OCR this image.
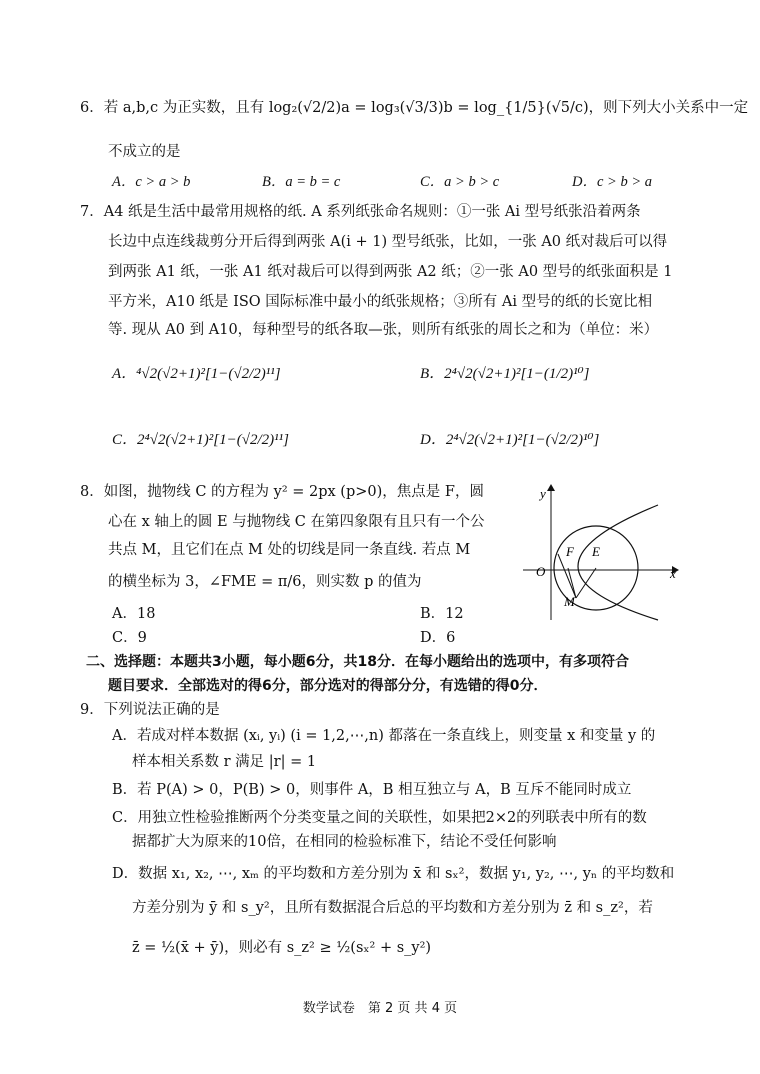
6．若 a,b,c 为正实数，且有 log₂(√2/2)a = log₃(√3/3)b = log_{1/5}(√5/c)，则下列大小关系中一定
不成立的是
A．c > a > b	B．a = b = c	C．a > b > c	D．c > b > a
7．A4 纸是生活中最常用规格的纸. A 系列纸张命名规则：①一张 Ai 型号纸张沿着两条
长边中点连线裁剪分开后得到两张 A(i + 1) 型号纸张，比如，一张 A0 纸对裁后可以得
到两张 A1 纸，一张 A1 纸对裁后可以得到两张 A2 纸；②一张 A0 型号的纸张面积是 1
平方米，A10 纸是 ISO 国际标准中最小的纸张规格；③所有 Ai 型号的纸的长宽比相
等. 现从 A0 到 A10，每种型号的纸各取—张，则所有纸张的周长之和为（单位：米）
A．⁴√2(√2+1)²[1−(√2/2)¹¹]	B．2⁴√2(√2+1)²[1−(1/2)¹⁰]
C．2⁴√2(√2+1)²[1−(√2/2)¹¹]	D．2⁴√2(√2+1)²[1−(√2/2)¹⁰]
8．如图，抛物线 C 的方程为 y² = 2px (p>0)，焦点是 F，圆
心在 x 轴上的圆 E 与抛物线 C 在第四象限有且只有一个公
共点 M，且它们在点 M 处的切线是同一条直线. 若点 M
的横坐标为 3，∠FME = π/6，则实数 p 的值为
A．18	B．12
C．9	D．6
y
x
O
F E
M
二、选择题：本题共3小题，每小题6分，共18分．在每小题给出的选项中，有多项符合
题目要求．全部选对的得6分，部分选对的得部分分，有选错的得0分．
9．下列说法正确的是
A．若成对样本数据 (xᵢ, yᵢ) (i = 1,2,⋯,n) 都落在一条直线上，则变量 x 和变量 y 的
样本相关系数 r 满足 |r| = 1
B．若 P(A) > 0，P(B) > 0，则事件 A，B 相互独立与 A，B 互斥不能同时成立
C．用独立性检验推断两个分类变量之间的关联性，如果把2×2的列联表中所有的数
据都扩大为原来的10倍，在相同的检验标准下，结论不受任何影响
D．数据 x₁, x₂, ⋯, xₘ 的平均数和方差分别为 x̄ 和 sₓ²，数据 y₁, y₂, ⋯, yₙ 的平均数和
方差分别为 ȳ 和 s_y²，且所有数据混合后总的平均数和方差分别为 z̄ 和 s_z²，若
z̄ = ½(x̄ + ȳ)，则必有 s_z² ≥ ½(sₓ² + s_y²)
数学试卷　第 2 页 共 4 页
